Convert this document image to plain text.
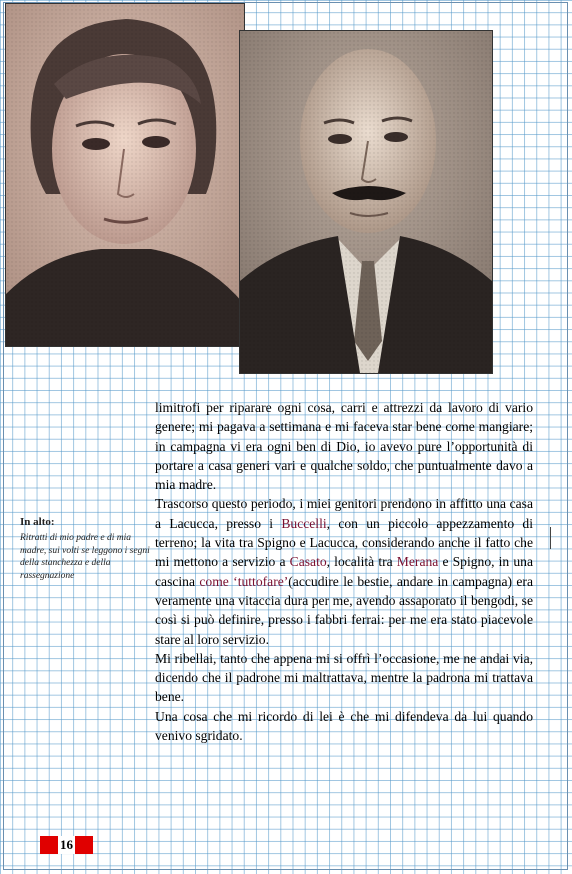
In alto:
Ritratti di mio padre e di mia madre, sui volti se leggono i segni della stanchezza e della rassegnazione

limitrofi per riparare ogni cosa, carri e attrezzi da lavoro di vario genere; mi pagava a settimana e mi faceva star bene come mangiare; in campagna vi era ogni ben di Dio, io avevo pure l’opportunità di portare a casa generi vari e qualche soldo, che puntualmente davo a mia madre.

Trascorso questo periodo, i miei genitori prendono in affitto una casa a Lacucca, presso i Buccelli, con un piccolo appezzamento di terreno; la vita tra Spigno e Lacucca, considerando anche il fatto che mi mettono a servizio a Casato, località tra Merana e Spigno, in una cascina come ‘tuttofare’(accudire le bestie, andare in campagna) era veramente una vitaccia dura per me, avendo assaporato il bengodi, se così si può definire, presso i fabbri ferrai: per me era stato piacevole stare al loro servizio.

Mi ribellai, tanto che appena mi si offrì l’occasione, me ne andai via, dicendo che il padrone mi maltrattava, mentre la padrona mi trattava bene.

Una cosa che mi ricordo di lei è che mi difendeva da lui quando venivo sgridato.

16
